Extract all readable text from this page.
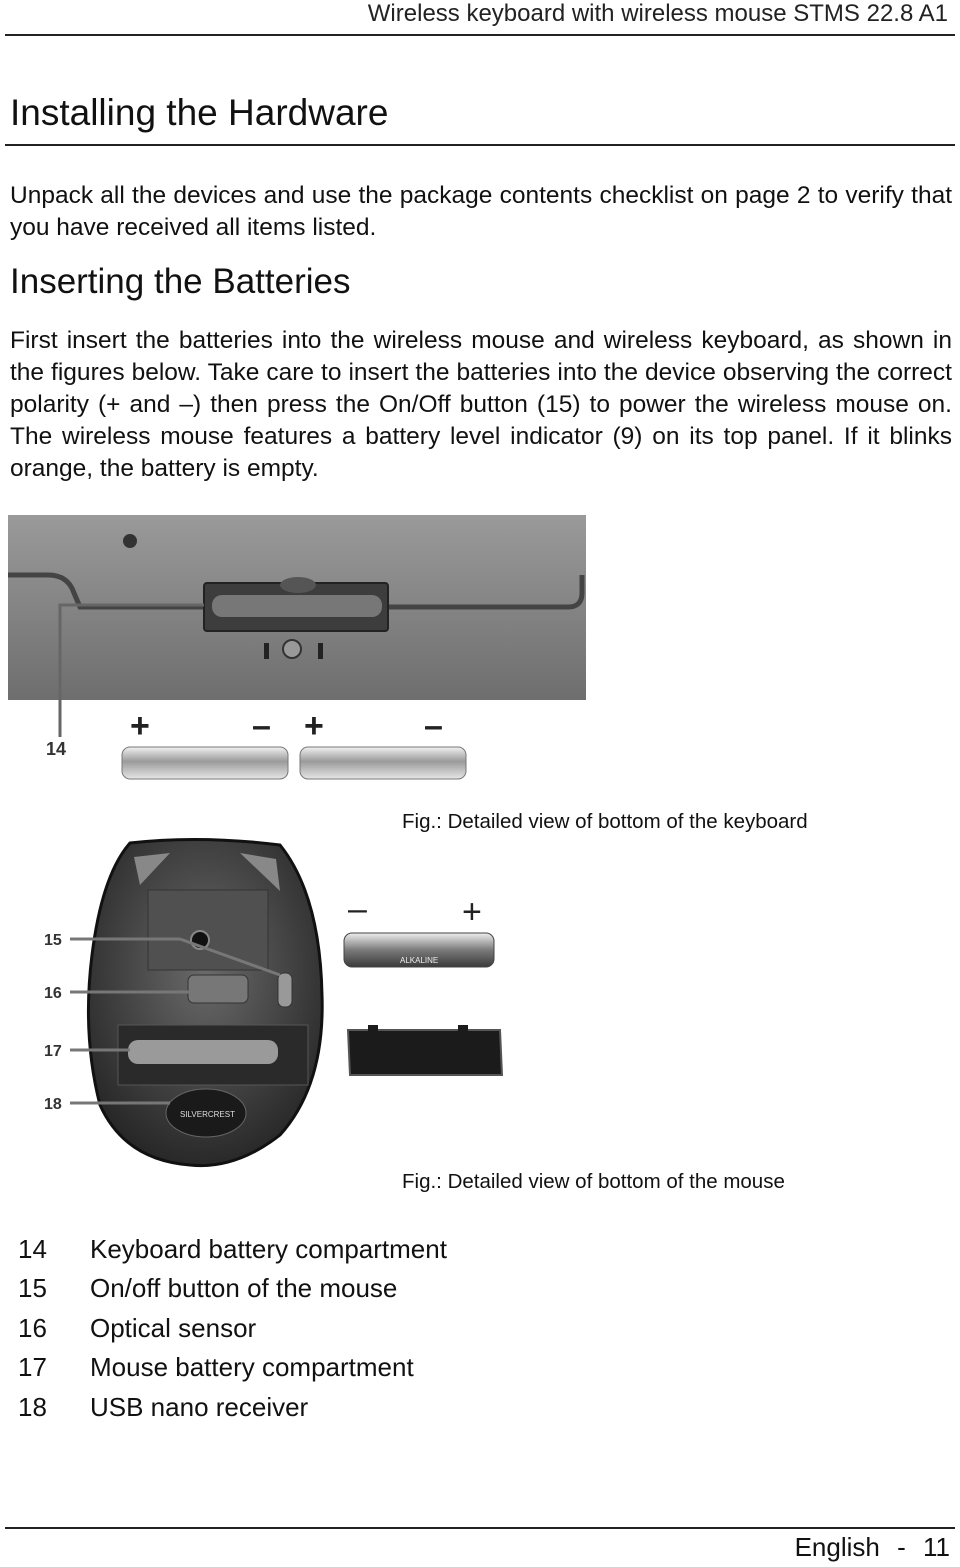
Wireless keyboard with wireless mouse STMS 22.8 A1
Installing the Hardware

Unpack all the devices and use the package contents checklist on page 2 to verify that you have received all items listed.

Inserting the Batteries

First insert the batteries into the wireless mouse and wireless keyboard, as shown in the figures below. Take care to insert the batteries into the device observing the correct polarity (+ and –) then press the On/Off button (15) to power the wireless mouse on. The wireless mouse features a battery level indicator (9) on its top panel. If it blinks orange, the battery is empty.

14
+	– +	–
Fig.: Detailed view of bottom of the keyboard
SILVERCREST
15
16
17
18
–	+
ALKALINE
Fig.: Detailed view of bottom of the mouse
14 Keyboard battery compartment
15 On/off button of the mouse
16 Optical sensor
17 Mouse battery compartment
18 USB nano receiver
English - 11
